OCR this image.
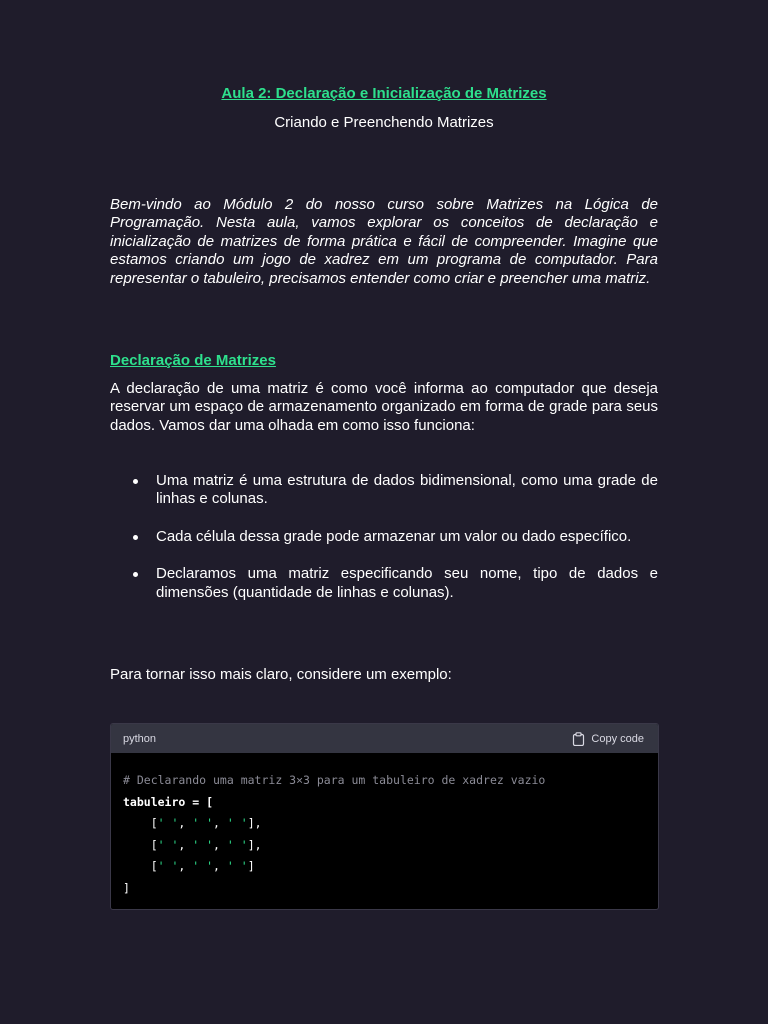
Aula 2: Declaração e Inicialização de Matrizes
Criando e Preenchendo Matrizes

Bem-vindo ao Módulo 2 do nosso curso sobre Matrizes na Lógica de Programação. Nesta aula, vamos explorar os conceitos de declaração e inicialização de matrizes de forma prática e fácil de compreender. Imagine que estamos criando um jogo de xadrez em um programa de computador. Para representar o tabuleiro, precisamos entender como criar e preencher uma matriz.

Declaração de Matrizes

A declaração de uma matriz é como você informa ao computador que deseja reservar um espaço de armazenamento organizado em forma de grade para seus dados. Vamos dar uma olhada em como isso funciona:

Uma matriz é uma estrutura de dados bidimensional, como uma grade de linhas e colunas.
Cada célula dessa grade pode armazenar um valor ou dado específico.
Declaramos uma matriz especificando seu nome, tipo de dados e dimensões (quantidade de linhas e colunas).
Para tornar isso mais claro, considere um exemplo:
python	Copy code
# Declarando uma matriz 3×3 para um tabuleiro de xadrez vazio
tabuleiro = [
[' ', ' ', ' '],
[' ', ' ', ' '],
[' ', ' ', ' ']
]
